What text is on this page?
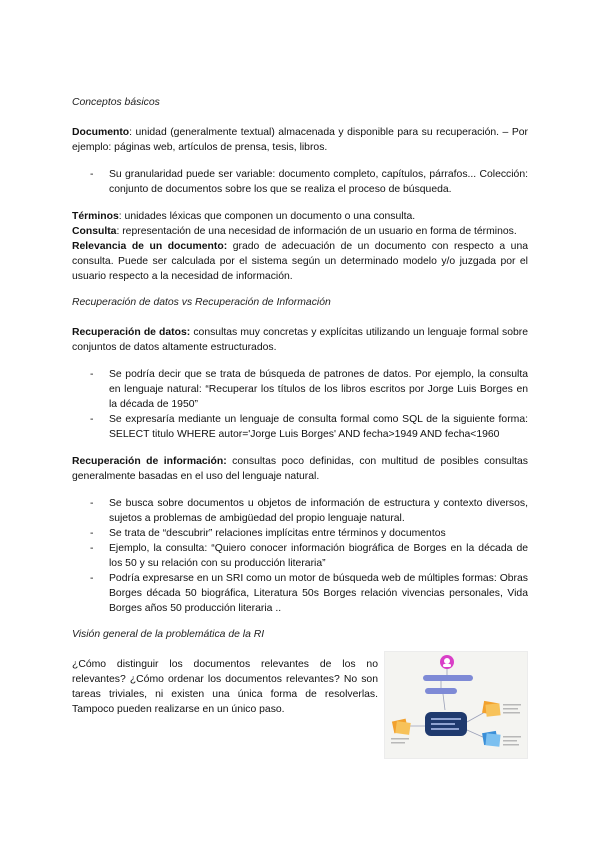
Conceptos básicos

Documento: unidad (generalmente textual) almacenada y disponible para su recuperación. – Por ejemplo: páginas web, artículos de prensa, tesis, libros.

- Su granularidad puede ser variable: documento completo, capítulos, párrafos... Colección: conjunto de documentos sobre los que se realiza el proceso de búsqueda.

Términos: unidades léxicas que componen un documento o una consulta.

Consulta: representación de una necesidad de información de un usuario en forma de términos.

Relevancia de un documento: grado de adecuación de un documento con respecto a una consulta. Puede ser calculada por el sistema según un determinado modelo y/o juzgada por el usuario respecto a la necesidad de información.

Recuperación de datos vs Recuperación de Información

Recuperación de datos: consultas muy concretas y explícitas utilizando un lenguaje formal sobre conjuntos de datos altamente estructurados.

- Se podría decir que se trata de búsqueda de patrones de datos. Por ejemplo, la consulta en lenguaje natural: “Recuperar los títulos de los libros escritos por Jorge Luis Borges en la década de 1950”
- Se expresaría mediante un lenguaje de consulta formal como SQL de la siguiente forma: SELECT titulo WHERE autor='Jorge Luis Borges' AND fecha>1949 AND fecha<1960

Recuperación de información: consultas poco definidas, con multitud de posibles consultas generalmente basadas en el uso del lenguaje natural.

- Se busca sobre documentos u objetos de información de estructura y contexto diversos, sujetos a problemas de ambigüedad del propio lenguaje natural.
- Se trata de “descubrir” relaciones implícitas entre términos y documentos
- Ejemplo, la consulta: “Quiero conocer información biográfica de Borges en la década de los 50 y su relación con su producción literaria”
- Podría expresarse en un SRI como un motor de búsqueda web de múltiples formas: Obras Borges década 50 biográfica, Literatura 50s Borges relación vivencias personales, Vida Borges años 50 producción literaria ..

Visión general de la problemática de la RI

¿Cómo distinguir los documentos relevantes de los no relevantes? ¿Cómo ordenar los documentos relevantes? No son tareas triviales, ni existen una única forma de resolverlas. Tampoco pueden realizarse en un único paso.
